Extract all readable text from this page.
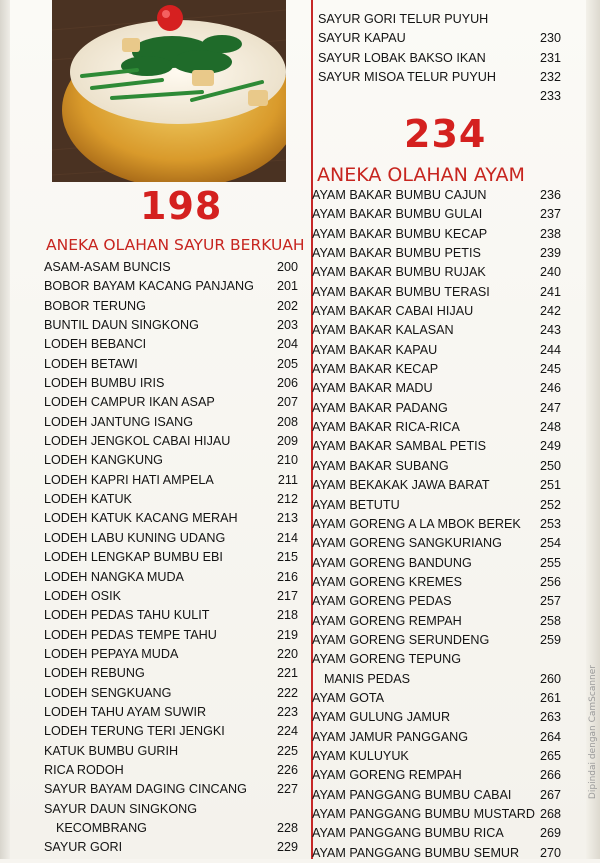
198
ANEKA OLAHAN SAYUR BERKUAH
ASAM-ASAM BUNCIS	200
BOBOR BAYAM KACANG PANJANG 201
BOBOR TERUNG	202
BUNTIL DAUN SINGKONG	203
LODEH BEBANCI	204
LODEH BETAWI	205
LODEH BUMBU IRIS	206
LODEH CAMPUR IKAN ASAP	207
LODEH JANTUNG ISANG	208
LODEH JENGKOL CABAI HIJAU	209
LODEH KANGKUNG	210
LODEH KAPRI HATI AMPELA	211
LODEH KATUK	212
LODEH KATUK KACANG MERAH	213
LODEH LABU KUNING UDANG	214
LODEH LENGKAP BUMBU EBI	215
LODEH NANGKA MUDA	216
LODEH OSIK	217
LODEH PEDAS TAHU KULIT	218
LODEH PEDAS TEMPE TAHU	219
LODEH PEPAYA MUDA	220
LODEH REBUNG	221
LODEH SENGKUANG	222
LODEH TAHU AYAM SUWIR	223
LODEH TERUNG TERI JENGKI	224
KATUK BUMBU GURIH	225
RICA RODOH	226
SAYUR BAYAM DAGING CINCANG 227
SAYUR DAUN SINGKONG
KECOMBRANG	228
SAYUR GORI	229
SAYUR GORI TELUR PUYUH
SAYUR KAPAU	230
SAYUR LOBAK BAKSO IKAN	231
SAYUR MISOA TELUR PUYUH	232
233
234
ANEKA OLAHAN AYAM
AYAM BAKAR BUMBU CAJUN	236
AYAM BAKAR BUMBU GULAI	237
AYAM BAKAR BUMBU KECAP	238
AYAM BAKAR BUMBU PETIS	239
AYAM BAKAR BUMBU RUJAK	240
AYAM BAKAR BUMBU TERASI	241
AYAM BAKAR CABAI HIJAU	242
AYAM BAKAR KALASAN	243
AYAM BAKAR KAPAU	244
AYAM BAKAR KECAP	245
AYAM BAKAR MADU	246
AYAM BAKAR PADANG	247
AYAM BAKAR RICA-RICA	248
AYAM BAKAR SAMBAL PETIS	249
AYAM BAKAR SUBANG	250
AYAM BEKAKAK JAWA BARAT	251
AYAM BETUTU	252
AYAM GORENG A LA MBOK BEREK 253
AYAM GORENG SANGKURIANG	254
AYAM GORENG BANDUNG	255
AYAM GORENG KREMES	256
AYAM GORENG PEDAS	257
AYAM GORENG REMPAH	258
AYAM GORENG SERUNDENG	259
AYAM GORENG TEPUNG
MANIS PEDAS	260
AYAM GOTA	261
AYAM GULUNG JAMUR	263
AYAM JAMUR PANGGANG	264
AYAM KULUYUK	265
AYAM GORENG REMPAH	266
AYAM PANGGANG BUMBU CABAI 267
AYAM PANGGANG BUMBU MUSTARD 268
AYAM PANGGANG BUMBU RICA	269
AYAM PANGGANG BUMBU SEMUR 270
Dipindai dengan CamScanner
